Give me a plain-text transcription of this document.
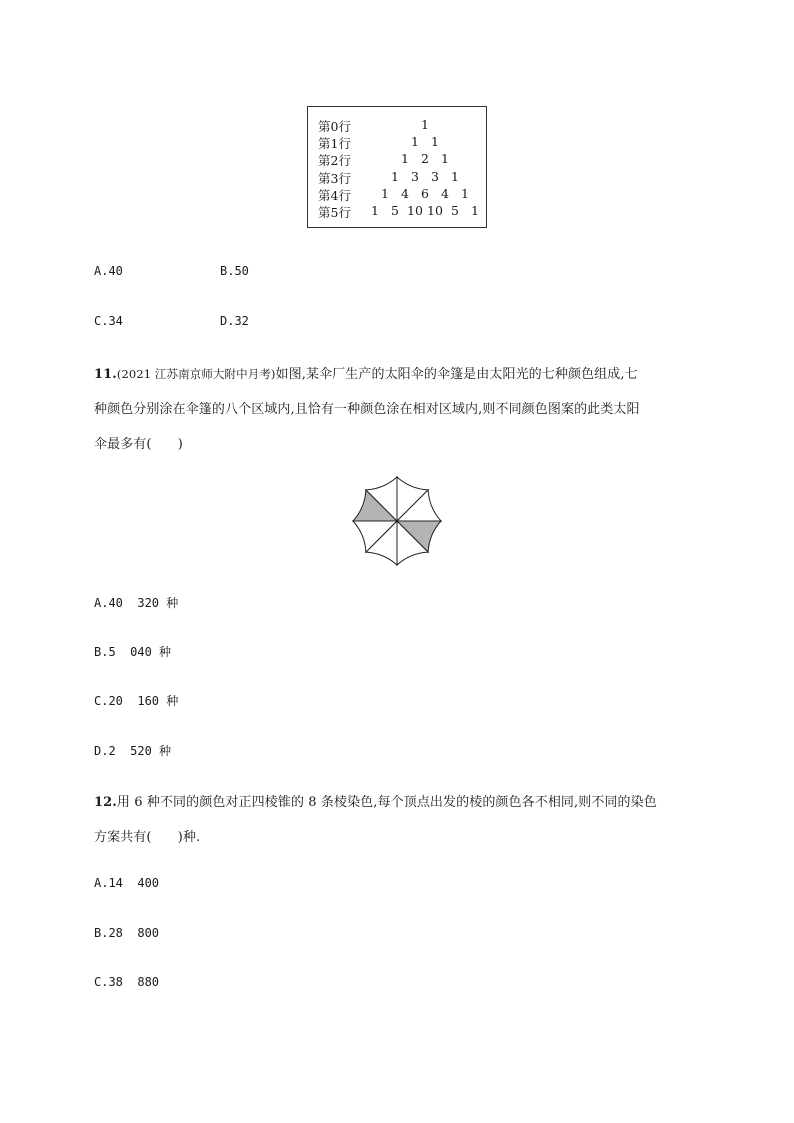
第0行	1
第1行	1 1
第2行	1 2 1
第3行	1 3 3 1
第4行	1 4 6 4 1
第5行	1 5 10 10 5 1
A.40	B.50
C.34	D.32
11.(2021 江苏南京师大附中月考)如图,某伞厂生产的太阳伞的伞篷是由太阳光的七种颜色组成,七
种颜色分别涂在伞篷的八个区域内,且恰有一种颜色涂在相对区域内,则不同颜色图案的此类太阳
伞最多有(　　)
A.40  320 种
B.5  040 种
C.20  160 种
D.2  520 种
12.用 6 种不同的颜色对正四棱锥的 8 条棱染色,每个顶点出发的棱的颜色各不相同,则不同的染色
方案共有(　　)种.
A.14  400
B.28  800
C.38  880
